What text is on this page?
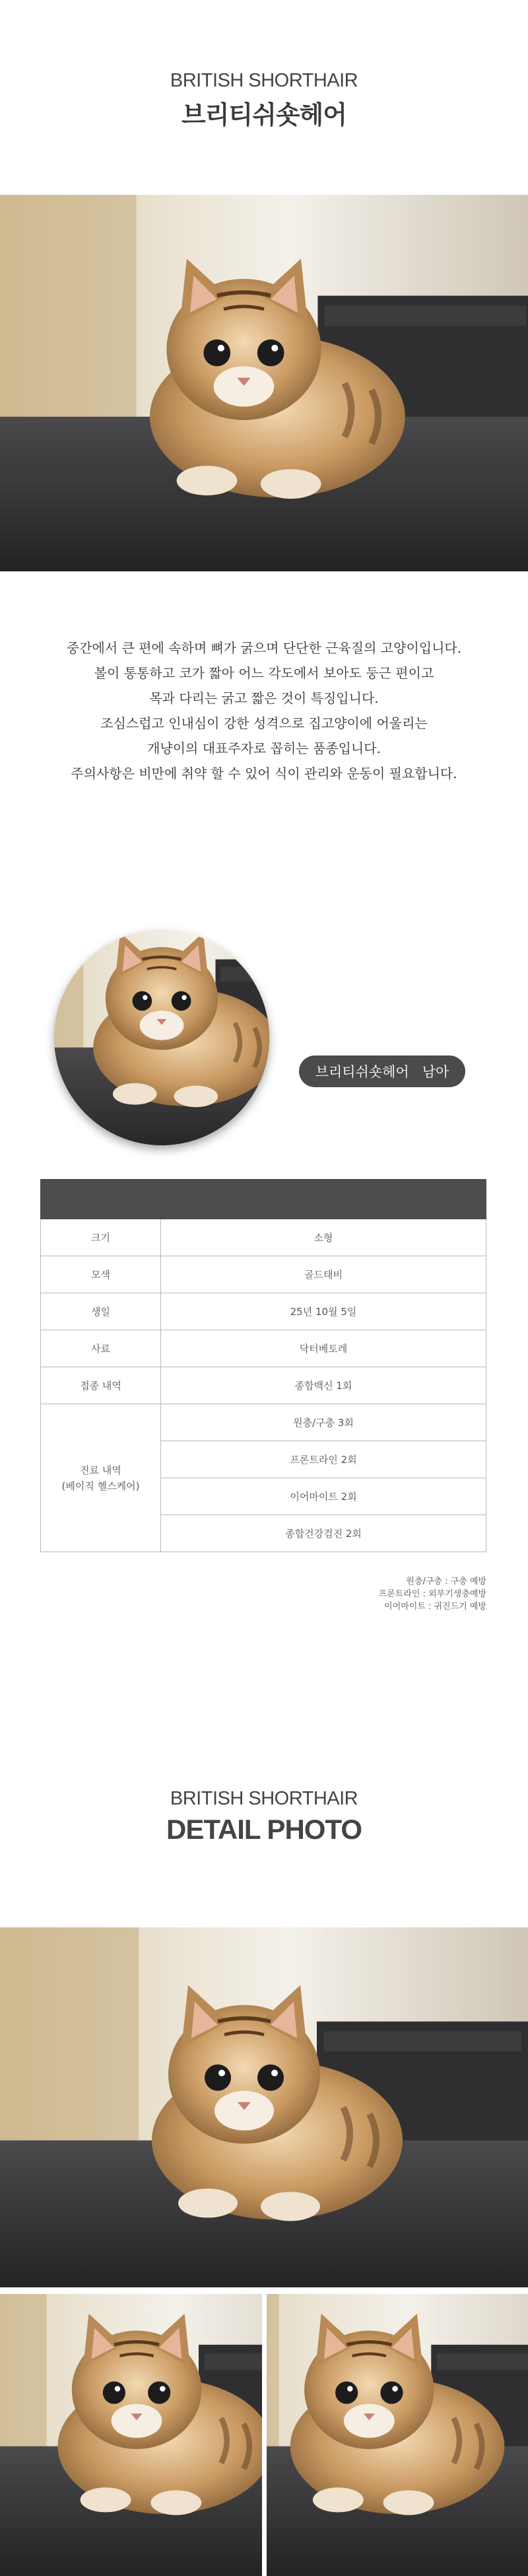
BRITISH SHORTHAIR
브리티쉬숏헤어
중간에서 큰 편에 속하며 뼈가 굵으며 단단한 근육질의 고양이입니다.
볼이 통통하고 코가 짧아 어느 각도에서 보아도 둥근 편이고
목과 다리는 굵고 짧은 것이 특징입니다.
조심스럽고 인내심이 강한 성격으로 집고양이에 어울리는
개냥이의 대표주자로 꼽히는 품종입니다.
주의사항은 비만에 취약 할 수 있어 식이 관리와 운동이 필요합니다.
브리티쉬숏헤어 남아

크기	소형
모색	골드태비
생일	25년 10월 5일
사료	닥터베토레
접종 내역	종합백신 1회

진료 내역
(베이직 헬스케어)	원충/구충 3회
	프론트라인 2회
	이어마이트 2회
	종합건강검진 2회
원충/구충 : 구충 예방
프론트라인 : 외부기생충예방
이어마이트 : 귀진드기 예방
BRITISH SHORTHAIR
DETAIL PHOTO
